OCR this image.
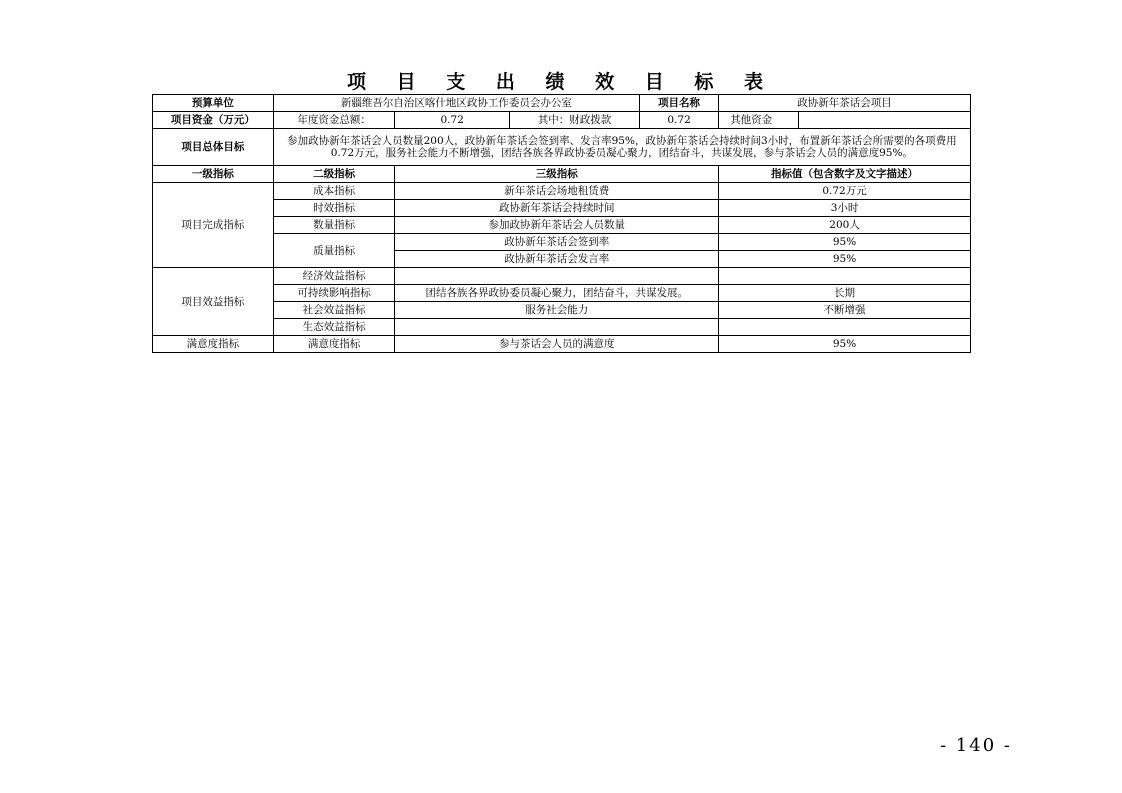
项 目 支 出 绩 效 目 标 表
预算单位	新疆维吾尔自治区喀什地区政协工作委员会办公室			项目名称	政协新年茶话会项目
项目资金（万元）	年度资金总额：	0.72	其中：财政拨款	0.72	其他资金
项目总体目标	参加政协新年茶话会人员数量200人，政协新年茶话会签到率、发言率95%，政协新年茶话会持续时间3小时，布置新年茶话会所需要的各项费用0.72万元，服务社会能力不断增强，团结各族各界政协委员凝心聚力，团结奋斗，共谋发展，参与茶话会人员的满意度95%。				
一级指标	二级指标	三级指标			指标值（包含数字及文字描述）
项目完成指标	成本指标	新年茶话会场地租赁费			0.72万元
	时效指标	政协新年茶话会持续时间			3小时
	数量指标	参加政协新年茶话会人员数量			200人
	质量指标	政协新年茶话会签到率			95%
		政协新年茶话会发言率			95%
项目效益指标	经济效益指标				
	可持续影响指标	团结各族各界政协委员凝心聚力，团结奋斗，共谋发展。			长期
	社会效益指标	服务社会能力			不断增强
	生态效益指标				
满意度指标	满意度指标	参与茶话会人员的满意度			95%
- 140 -
